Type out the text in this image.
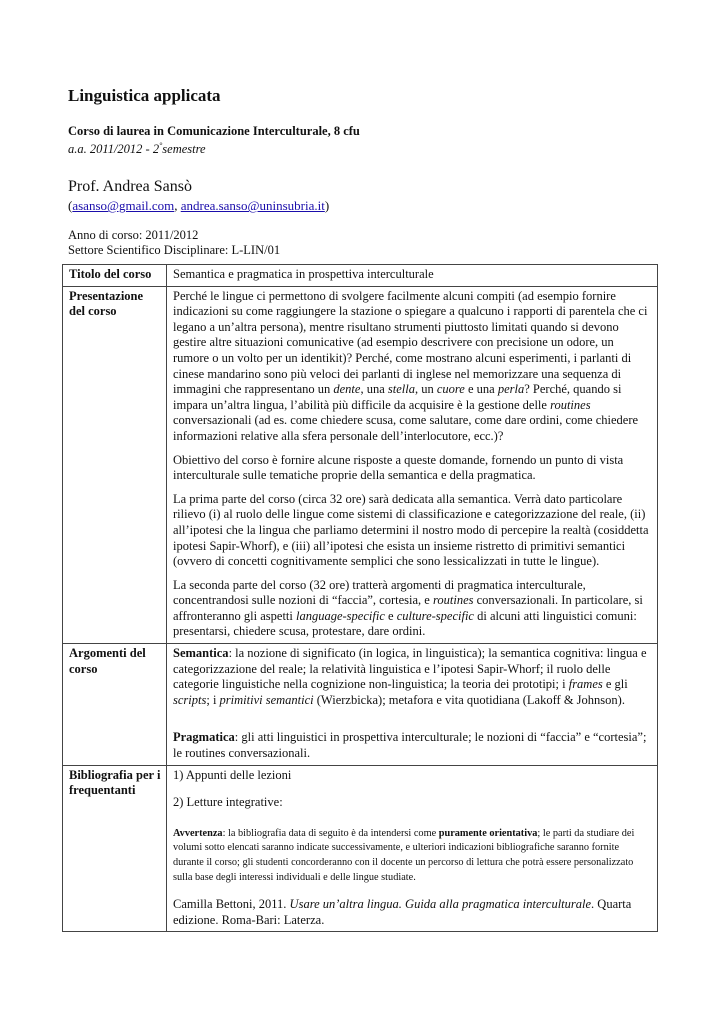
Linguistica applicata

Corso di laurea in Comunicazione Interculturale, 8 cfu

a.a. 2011/2012 - 2°semestre

Prof. Andrea Sansò

(asanso@gmail.com, andrea.sanso@uninsubria.it)

Anno di corso: 2011/2012
Settore Scientifico Disciplinare: L-LIN/01

Titolo del corso	Semantica e pragmatica in prospettiva interculturale
Presentazione del corso	Perché le lingue ci permettono di svolgere facilmente alcuni compiti (ad esempio fornire indicazioni su come raggiungere la stazione o spiegare a qualcuno i rapporti di parentela che ci legano a un’altra persona), mentre risultano strumenti piuttosto limitati quando si devono gestire altre situazioni comunicative (ad esempio descrivere con precisione un odore, un rumore o un volto per un identikit)? Perché, come mostrano alcuni esperimenti, i parlanti di cinese mandarino sono più veloci dei parlanti di inglese nel memorizzare una sequenza di immagini che rappresentano un dente, una stella, un cuore e una perla? Perché, quando si impara un’altra lingua, l’abilità più difficile da acquisire è la gestione delle routines conversazionali (ad es. come chiedere scusa, come salutare, come dare ordini, come chiedere informazioni relative alla sfera personale dell’interlocutore, ecc.)?

Obiettivo del corso è fornire alcune risposte a queste domande, fornendo un punto di vista interculturale sulle tematiche proprie della semantica e della pragmatica.

La prima parte del corso (circa 32 ore) sarà dedicata alla semantica. Verrà dato particolare rilievo (i) al ruolo delle lingue come sistemi di classificazione e categorizzazione del reale, (ii) all’ipotesi che la lingua che parliamo determini il nostro modo di percepire la realtà (cosiddetta ipotesi Sapir-Whorf), e (iii) all’ipotesi che esista un insieme ristretto di primitivi semantici (ovvero di concetti cognitivamente semplici che sono lessicalizzati in tutte le lingue).

La seconda parte del corso (32 ore) tratterà argomenti di pragmatica interculturale, concentrandosi sulle nozioni di “faccia”, cortesia, e routines conversazionali. In particolare, si affronteranno gli aspetti language-specific e culture-specific di alcuni atti linguistici comuni: presentarsi, chiedere scusa, protestare, dare ordini.

Argomenti del corso	Semantica: la nozione di significato (in logica, in linguistica); la semantica cognitiva: lingua e categorizzazione del reale; la relatività linguistica e l’ipotesi Sapir-Whorf; il ruolo delle categorie linguistiche nella cognizione non-linguistica; la teoria dei prototipi; i frames e gli scripts; i primitivi semantici (Wierzbicka); metafora e vita quotidiana (Lakoff & Johnson).

Pragmatica: gli atti linguistici in prospettiva interculturale; le nozioni di “faccia” e “cortesia”; le routines conversazionali.

Bibliografia per i frequentanti	1) Appunti delle lezioni

2) Letture integrative:

Avvertenza: la bibliografia data di seguito è da intendersi come puramente orientativa; le parti da studiare dei volumi sotto elencati saranno indicate successivamente, e ulteriori indicazioni bibliografiche saranno fornite durante il corso; gli studenti concorderanno con il docente un percorso di lettura che potrà essere personalizzato sulla base degli interessi individuali e delle lingue studiate.

Camilla Bettoni, 2011. Usare un’altra lingua. Guida alla pragmatica interculturale. Quarta edizione. Roma-Bari: Laterza.
